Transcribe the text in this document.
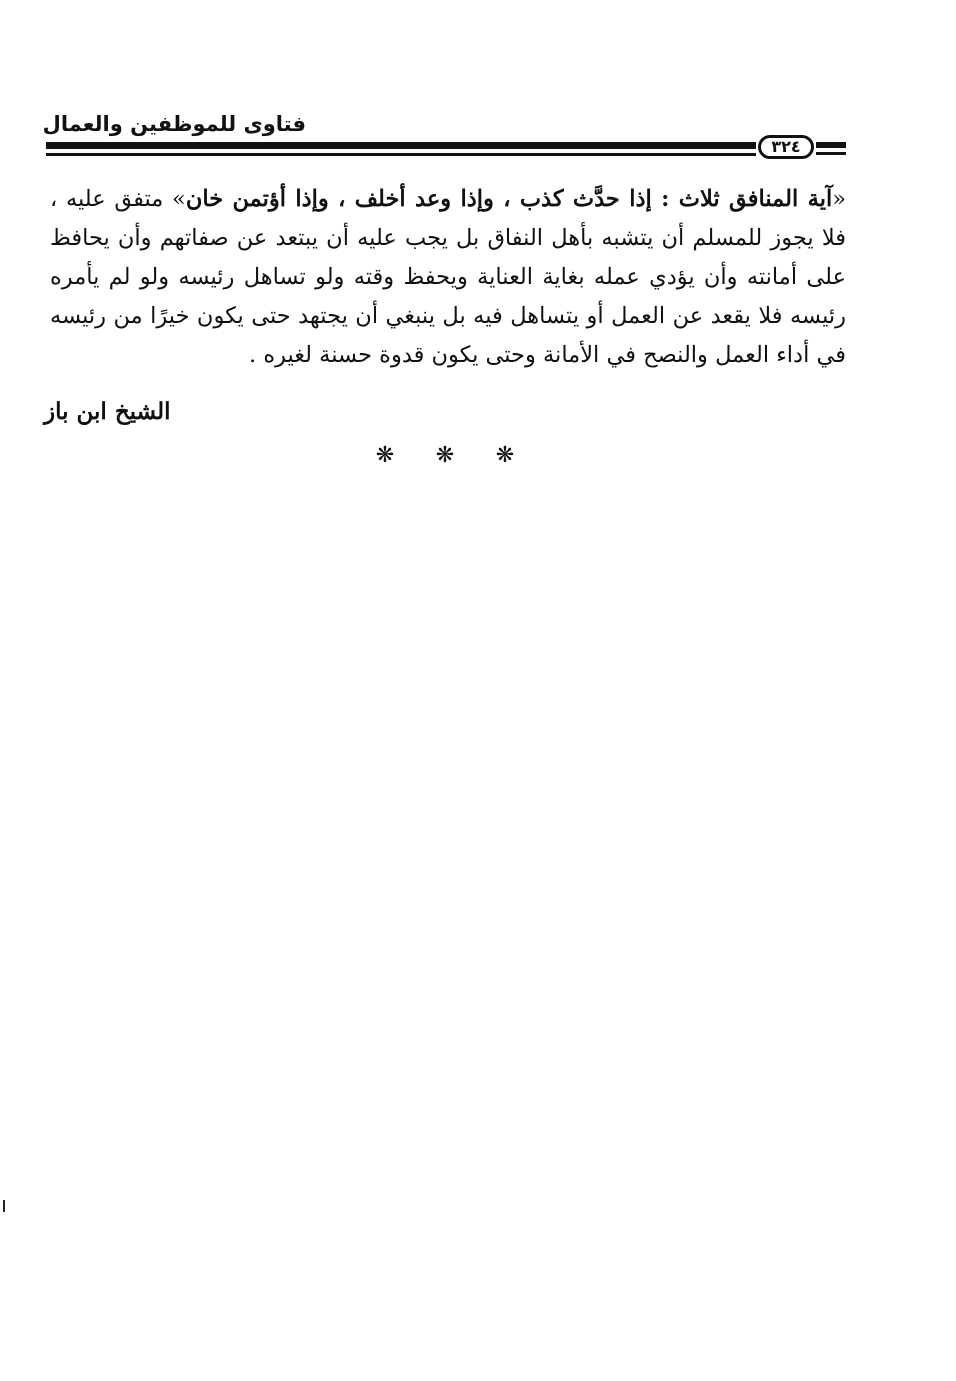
فتاوى للموظفين والعمال
٣٢٤
«آية المنافق ثلاث : إذا حدَّث كذب ، وإذا وعد أخلف ، وإذا أؤتمن خان» متفق عليه ، فلا يجوز للمسلم أن يتشبه بأهل النفاق بل يجب عليه أن يبتعد عن صفاتهم وأن يحافظ على أمانته وأن يؤدي عمله بغاية العناية ويحفظ وقته ولو تساهل رئيسه ولو لم يأمره رئيسه فلا يقعد عن العمل أو يتساهل فيه بل ينبغي أن يجتهد حتى يكون خيرًا من رئيسه في أداء العمل والنصح في الأمانة وحتى يكون قدوة حسنة لغيره .
الشيخ ابن باز
❋ ❋ ❋
